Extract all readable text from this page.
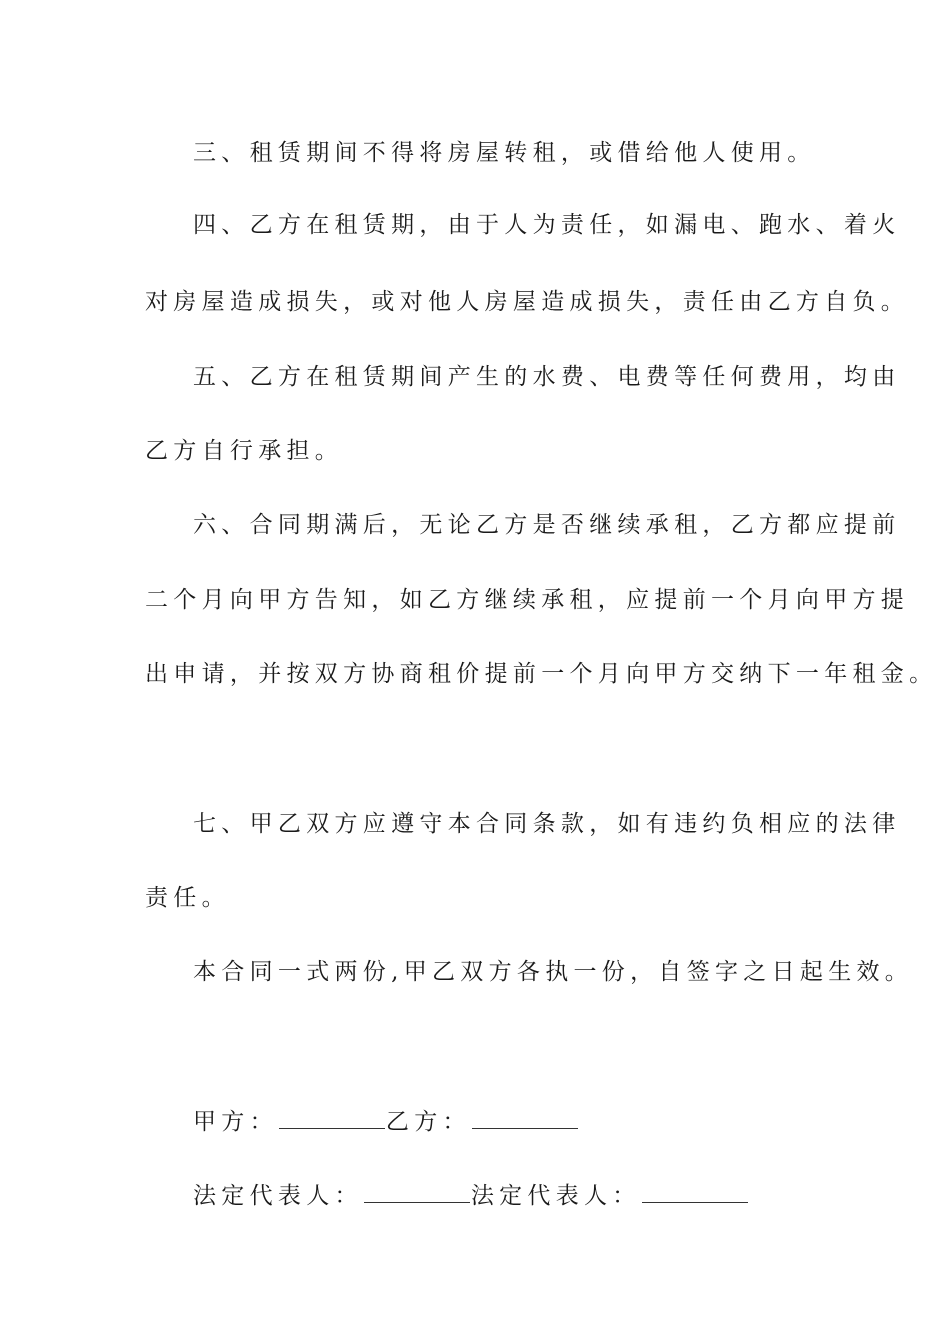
三、租赁期间不得将房屋转租，或借给他人使用。
四、乙方在租赁期，由于人为责任，如漏电、跑水、着火
对房屋造成损失，或对他人房屋造成损失，责任由乙方自负。
五、乙方在租赁期间产生的水费、电费等任何费用，均由
乙方自行承担。
六、合同期满后，无论乙方是否继续承租，乙方都应提前
二个月向甲方告知，如乙方继续承租，应提前一个月向甲方提
出申请，并按双方协商租价提前一个月向甲方交纳下一年租金。
七、甲乙双方应遵守本合同条款，如有违约负相应的法律
责任。
本合同一式两份,甲乙双方各执一份，自签字之日起生效。
甲方：	乙方：
法定代表人：	法定代表人：
